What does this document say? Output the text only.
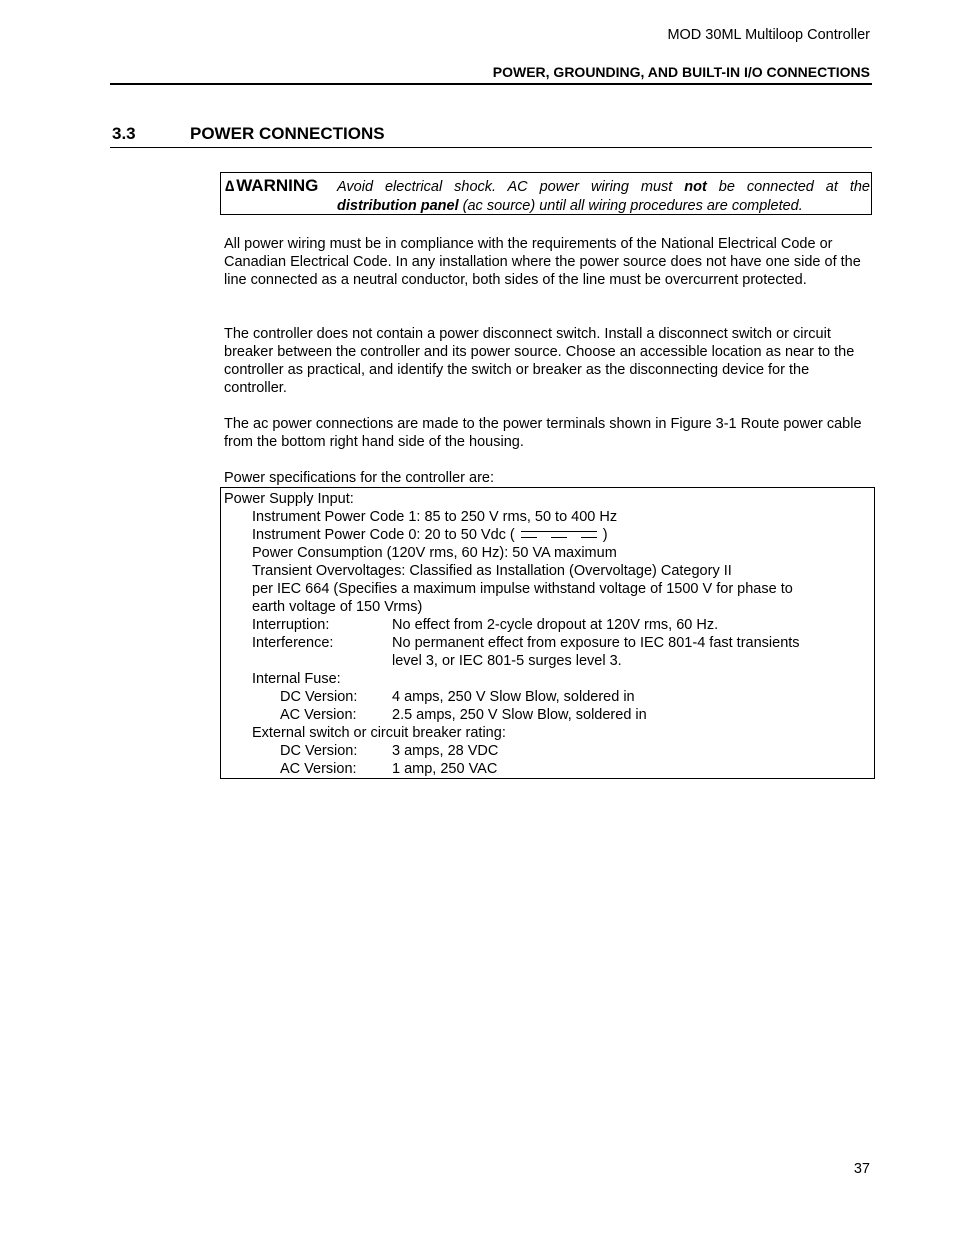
MOD 30ML Multiloop Controller
POWER, GROUNDING, AND BUILT-IN I/O CONNECTIONS
3.3	POWER CONNECTIONS
∆ WARNING Avoid electrical shock. AC power wiring must not be connected at the
distribution panel (ac source) until all wiring procedures are completed.
All power wiring must be in compliance with the requirements of the National Electrical Code or Canadian Electrical Code. In any installation where the power source does not have one side of the line connected as a neutral conductor, both sides of the line must be overcurrent protected.
The controller does not contain a power disconnect switch. Install a disconnect switch or circuit breaker between the controller and its power source. Choose an accessible location as near to the controller as practical, and identify the switch or breaker as the disconnecting device for the controller.
The ac power connections are made to the power terminals shown in Figure 3-1 Route power cable from the bottom right hand side of the housing.
Power specifications for the controller are:
Power Supply Input:
Instrument Power Code 1: 85 to 250 V rms, 50 to 400 Hz
Instrument Power Code 0: 20 to 50 Vdc (	)
Power Consumption (120V rms, 60 Hz): 50 VA maximum
Transient Overvoltages: Classified as Installation (Overvoltage) Category II
per IEC 664 (Specifies a maximum impulse withstand voltage of 1500 V for phase to
earth voltage of 150 Vrms)
Interruption:	No effect from 2-cycle dropout at 120V rms, 60 Hz.
Interference:	No permanent effect from exposure to IEC 801-4 fast transients
level 3, or IEC 801-5 surges level 3.
Internal Fuse:
DC Version: 4 amps, 250 V Slow Blow, soldered in
AC Version: 2.5 amps, 250 V Slow Blow, soldered in
External switch or circuit breaker rating:
DC Version: 3 amps, 28 VDC
AC Version: 1 amp, 250 VAC
37
